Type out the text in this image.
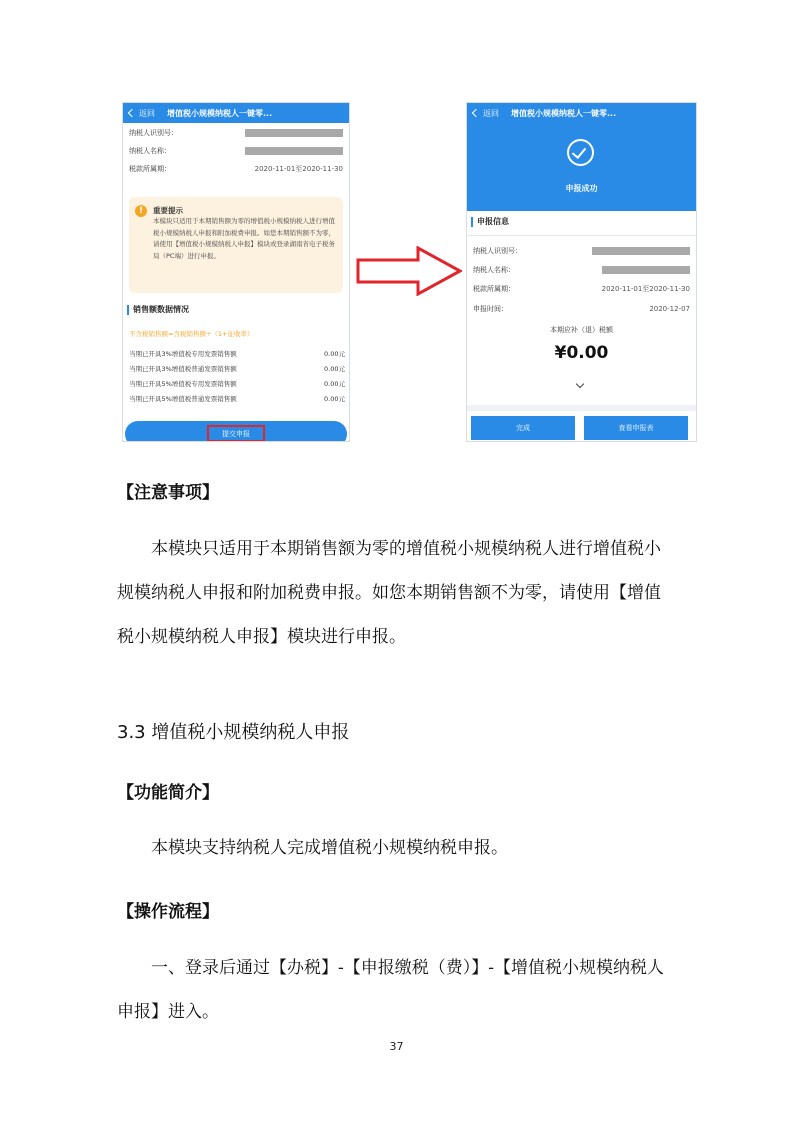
返回 增值税小规模纳税人一键零...
纳税人识别号：
纳税人名称：
税款所属期：	2020-11-01至2020-11-30
!	重要提示
本模块只适用于本期销售额为零的增值税小规模纳税人进行增值税小规模纳税人申报和附加税费申报。如您本期销售额不为零，请使用【增值税小规模纳税人申报】模块或登录湖南省电子税务局（PC端）进行申报。
销售额数据情况
不含税销售额=含税销售额÷（1+征收率）
当期已开具3%增值税专用发票销售额	0.00元
当期已开具3%增值税普通发票销售额	0.00元
当期已开具5%增值税专用发票销售额	0.00元
当期已开具5%增值税普通发票销售额	0.00元
提交申报
返回 增值税小规模纳税人一键零...
申报成功
申报信息
纳税人识别号：
纳税人名称：
税款所属期：	2020-11-01至2020-11-30
申报时间：	2020-12-07
本期应补（退）税额
¥0.00
完成	查看申报表
【注意事项】
本模块只适用于本期销售额为零的增值税小规模纳税人进行增值税小规模纳税人申报和附加税费申报。如您本期销售额不为零，请使用【增值税小规模纳税人申报】模块进行申报。
3.3 增值税小规模纳税人申报
【功能简介】
本模块支持纳税人完成增值税小规模纳税申报。
【操作流程】
一、登录后通过【办税】-【申报缴税（费）】-【增值税小规模纳税人申报】进入。
37
